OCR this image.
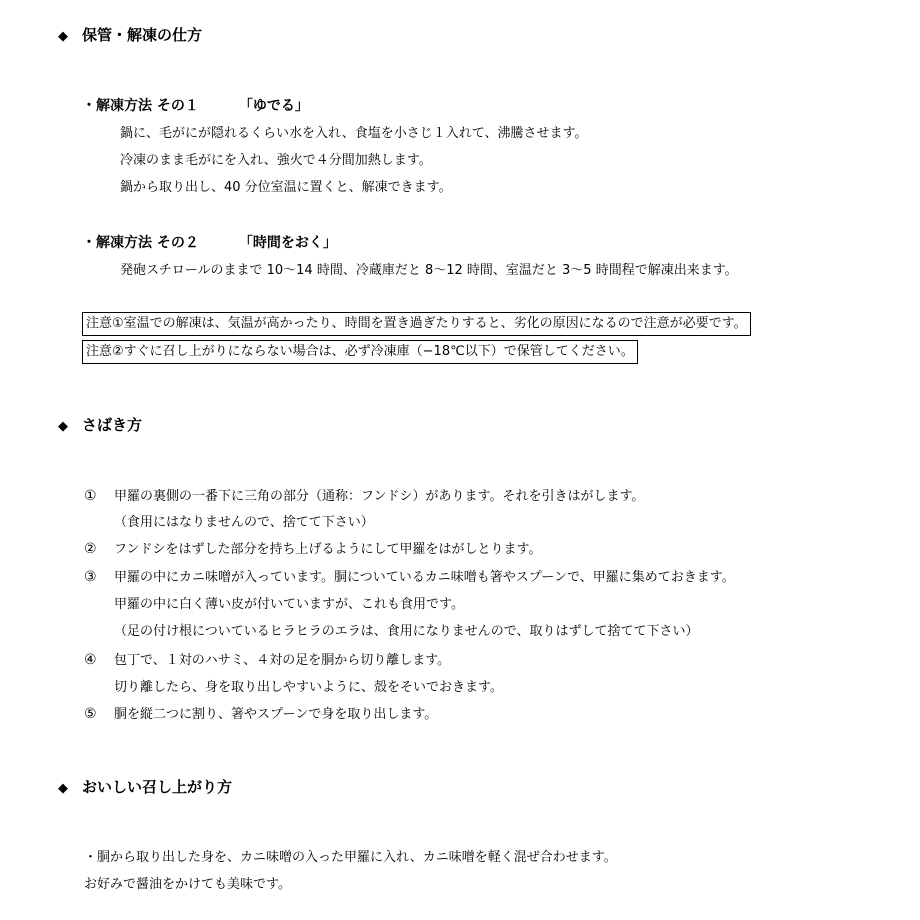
◆ 保管・解凍の仕方
・解凍方法 その１	「ゆでる」
鍋に、毛がにが隠れるくらい水を入れ、食塩を小さじ１入れて、沸騰させます。
冷凍のまま毛がにを入れ、強火で４分間加熱します。
鍋から取り出し、40 分位室温に置くと、解凍できます。
・解凍方法 その２	「時間をおく」
発砲スチロールのままで 10～14 時間、冷蔵庫だと 8～12 時間、室温だと 3～5 時間程で解凍出来ます。
注意①室温での解凍は、気温が高かったり、時間を置き過ぎたりすると、劣化の原因になるので注意が必要です。
注意②すぐに召し上がりにならない場合は、必ず冷凍庫（−18℃以下）で保管してください。
◆ さばき方
① 甲羅の裏側の一番下に三角の部分（通称：フンドシ）があります。それを引きはがします。
（食用にはなりませんので、捨てて下さい）
② フンドシをはずした部分を持ち上げるようにして甲羅をはがしとります。
③ 甲羅の中にカニ味噌が入っています。胴についているカニ味噌も箸やスプーンで、甲羅に集めておきます。
甲羅の中に白く薄い皮が付いていますが、これも食用です。
（足の付け根についているヒラヒラのエラは、食用になりませんので、取りはずして捨てて下さい）
④ 包丁で、１対のハサミ、４対の足を胴から切り離します。
切り離したら、身を取り出しやすいように、殻をそいでおきます。
⑤ 胴を縦二つに割り、箸やスプーンで身を取り出します。
◆ おいしい召し上がり方
・胴から取り出した身を、カニ味噌の入った甲羅に入れ、カニ味噌を軽く混ぜ合わせます。
お好みで醤油をかけても美味です。
